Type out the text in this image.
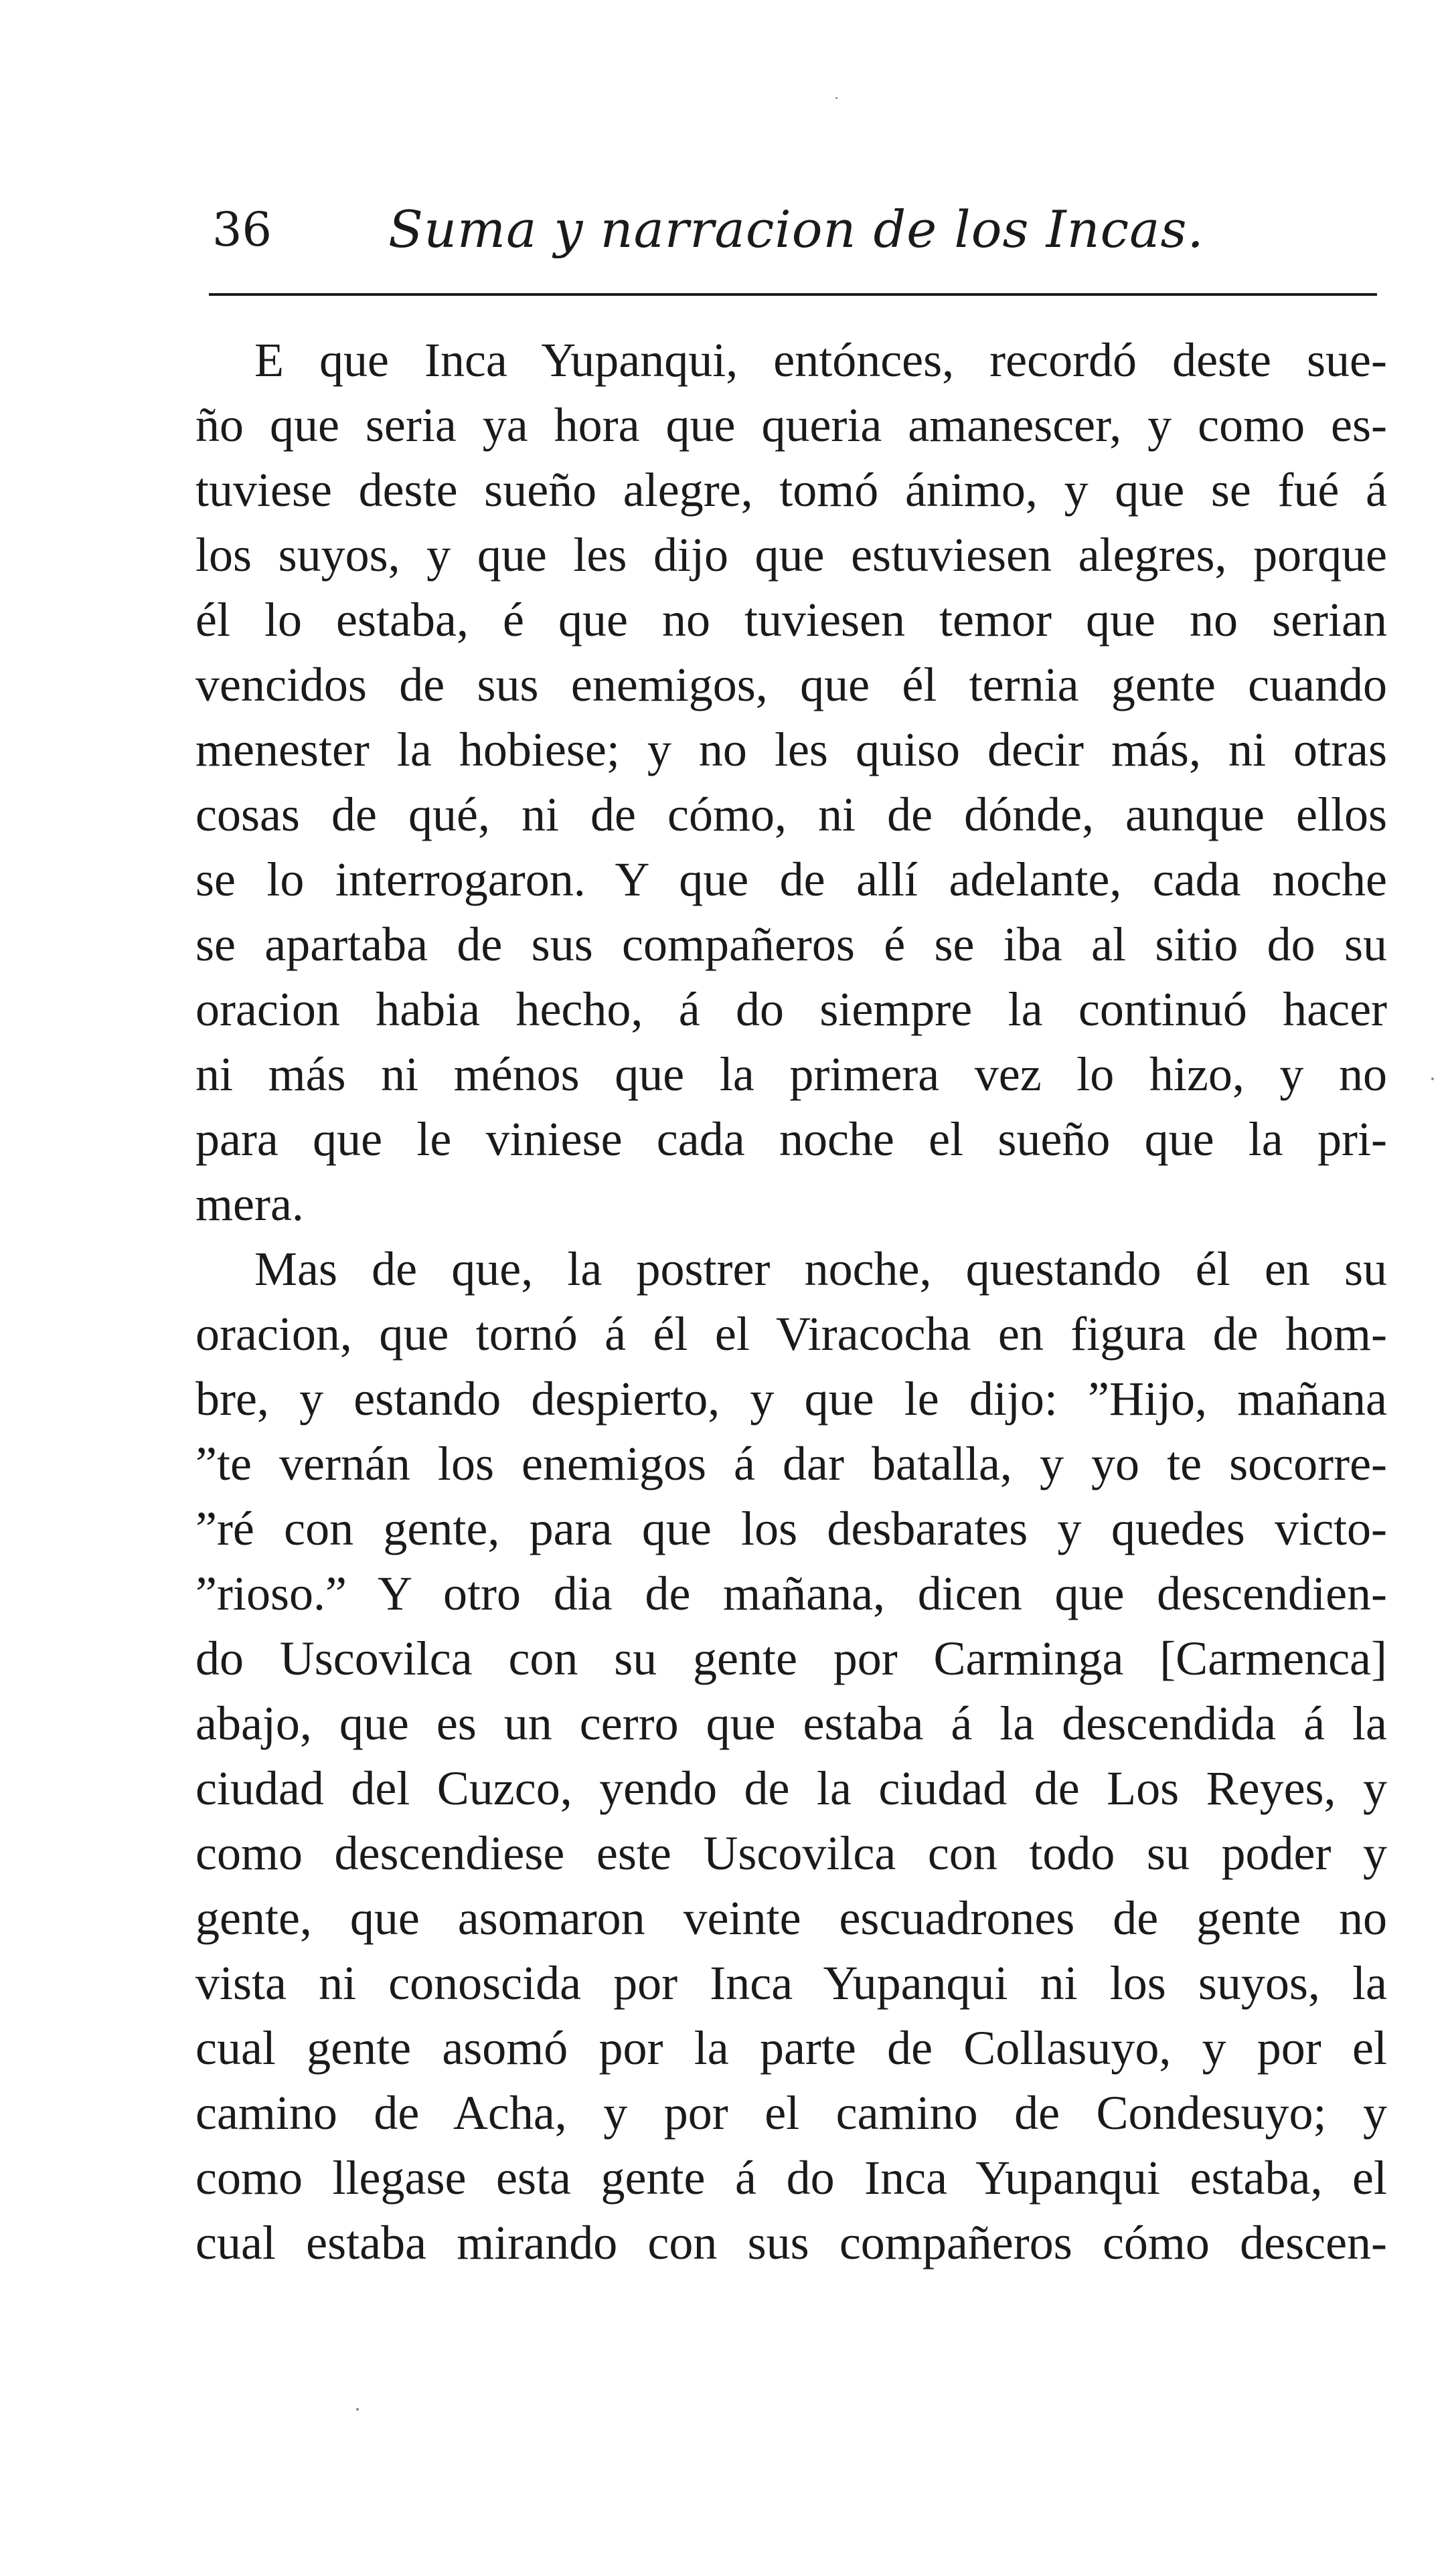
36 Suma y narracion de los Incas.

E que Inca Yupanqui, entónces, recordó deste sue-
ño que seria ya hora que queria amanescer, y como es-
tuviese deste sueño alegre, tomó ánimo, y que se fué á
los suyos, y que les dijo que estuviesen alegres, porque
él lo estaba, é que no tuviesen temor que no serian
vencidos de sus enemigos, que él ternia gente cuando
menester la hobiese; y no les quiso decir más, ni otras
cosas de qué, ni de cómo, ni de dónde, aunque ellos
se lo interrogaron. Y que de allí adelante, cada noche
se apartaba de sus compañeros é se iba al sitio do su
oracion habia hecho, á do siempre la continuó hacer
ni más ni ménos que la primera vez lo hizo, y no
para que le viniese cada noche el sueño que la pri-
mera.

Mas de que, la postrer noche, questando él en su
oracion, que tornó á él el Viracocha en figura de hom-
bre, y estando despierto, y que le dijo: ”Hijo, mañana
”te vernán los enemigos á dar batalla, y yo te socorre-
”ré con gente, para que los desbarates y quedes victo-
”rioso.” Y otro dia de mañana, dicen que descendien-
do Uscovilca con su gente por Carminga [Carmenca]
abajo, que es un cerro que estaba á la descendida á la
ciudad del Cuzco, yendo de la ciudad de Los Reyes, y
como descendiese este Uscovilca con todo su poder y
gente, que asomaron veinte escuadrones de gente no
vista ni conoscida por Inca Yupanqui ni los suyos, la
cual gente asomó por la parte de Collasuyo, y por el
camino de Acha, y por el camino de Condesuyo; y
como llegase esta gente á do Inca Yupanqui estaba, el
cual estaba mirando con sus compañeros cómo descen-
